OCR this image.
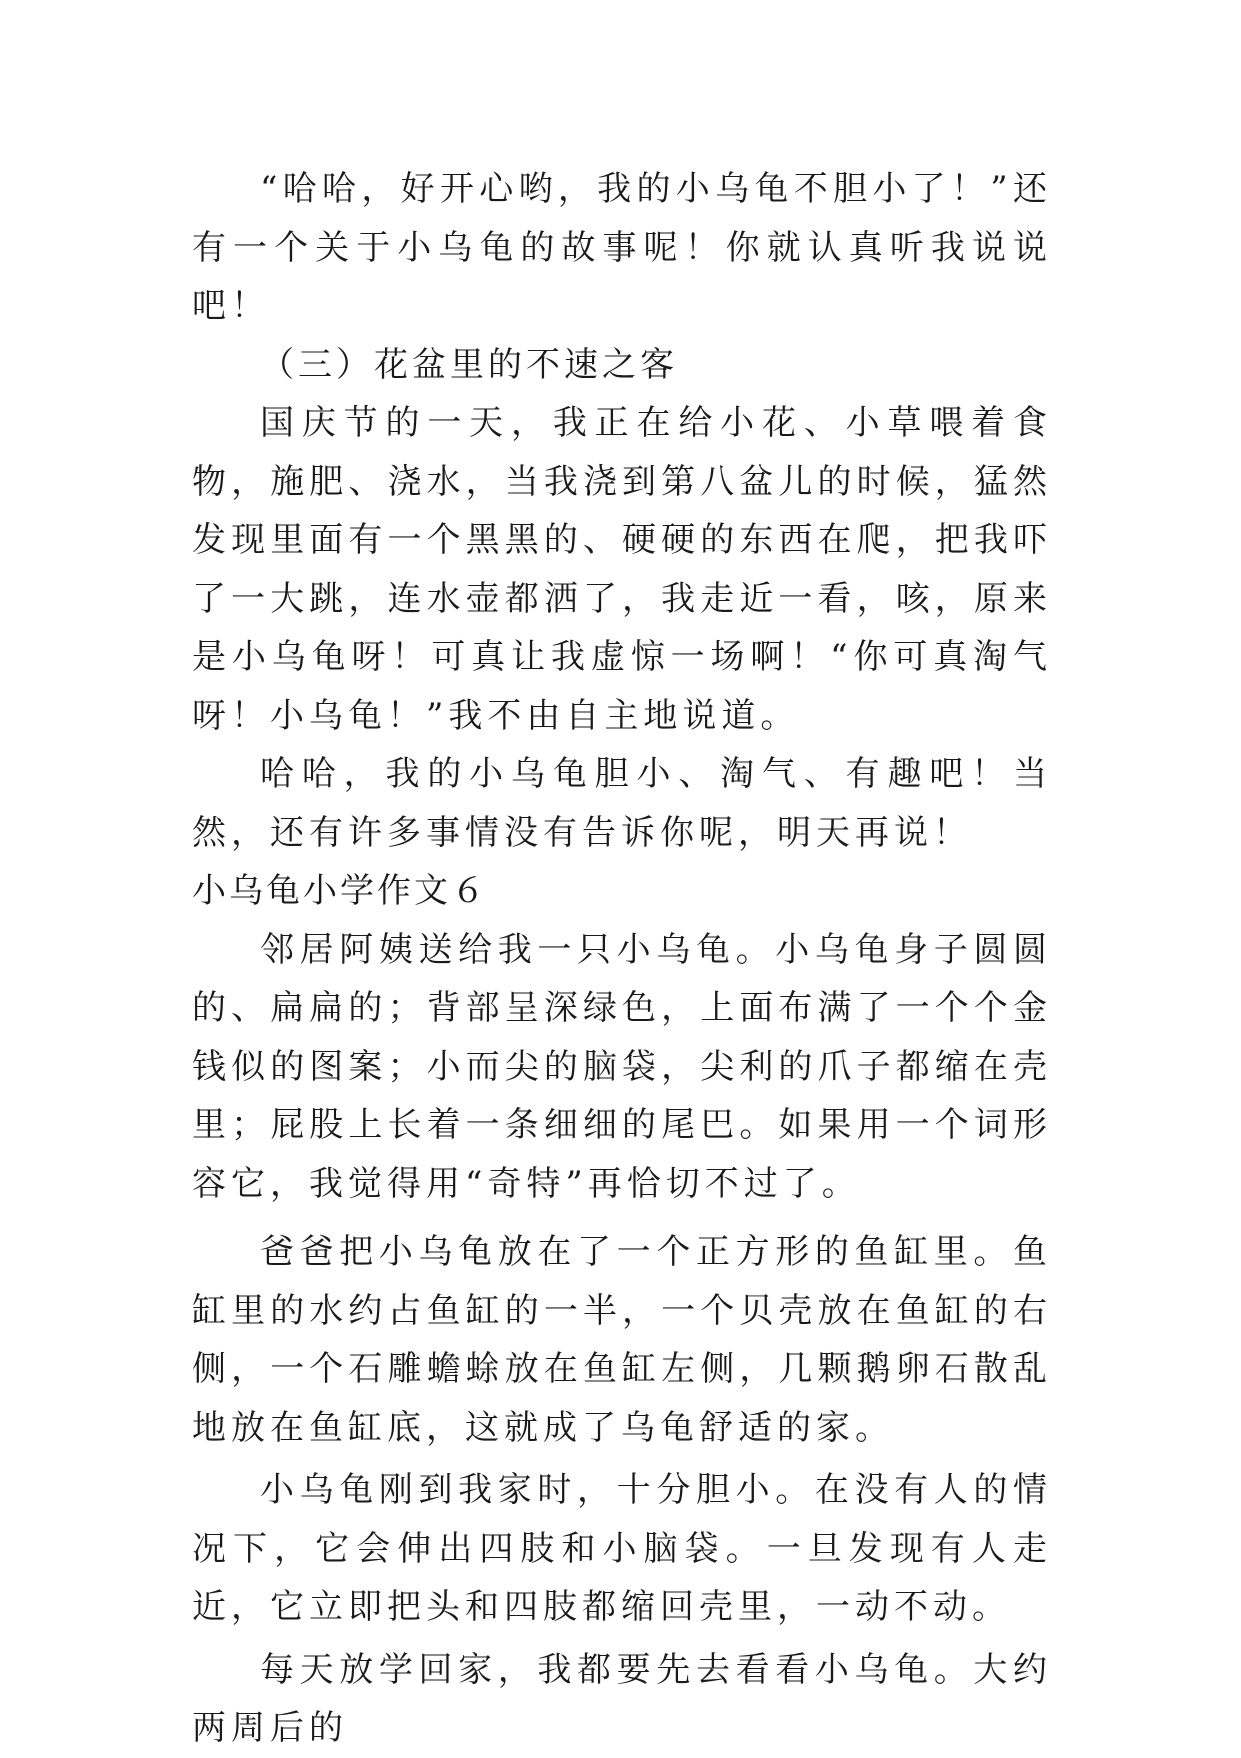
“哈哈，好开心哟，我的小乌龟不胆小了！”还有一个关于小乌龟的故事呢！你就认真听我说说吧！

（三）花盆里的不速之客

国庆节的一天，我正在给小花、小草喂着食物，施肥、浇水，当我浇到第八盆儿的时候，猛然发现里面有一个黑黑的、硬硬的东西在爬，把我吓了一大跳，连水壶都洒了，我走近一看，咳，原来是小乌龟呀！可真让我虚惊一场啊！“你可真淘气呀！小乌龟！”我不由自主地说道。

哈哈，我的小乌龟胆小、淘气、有趣吧！当然，还有许多事情没有告诉你呢，明天再说！

小乌龟小学作文６

邻居阿姨送给我一只小乌龟。小乌龟身子圆圆的、扁扁的；背部呈深绿色，上面布满了一个个金钱似的图案；小而尖的脑袋，尖利的爪子都缩在壳里；屁股上长着一条细细的尾巴。如果用一个词形容它，我觉得用“奇特”再恰切不过了。

爸爸把小乌龟放在了一个正方形的鱼缸里。鱼缸里的水约占鱼缸的一半，一个贝壳放在鱼缸的右侧，一个石雕蟾蜍放在鱼缸左侧，几颗鹅卵石散乱地放在鱼缸底，这就成了乌龟舒适的家。

小乌龟刚到我家时，十分胆小。在没有人的情况下，它会伸出四肢和小脑袋。一旦发现有人走近，它立即把头和四肢都缩回壳里，一动不动。

每天放学回家，我都要先去看看小乌龟。大约两周后的
